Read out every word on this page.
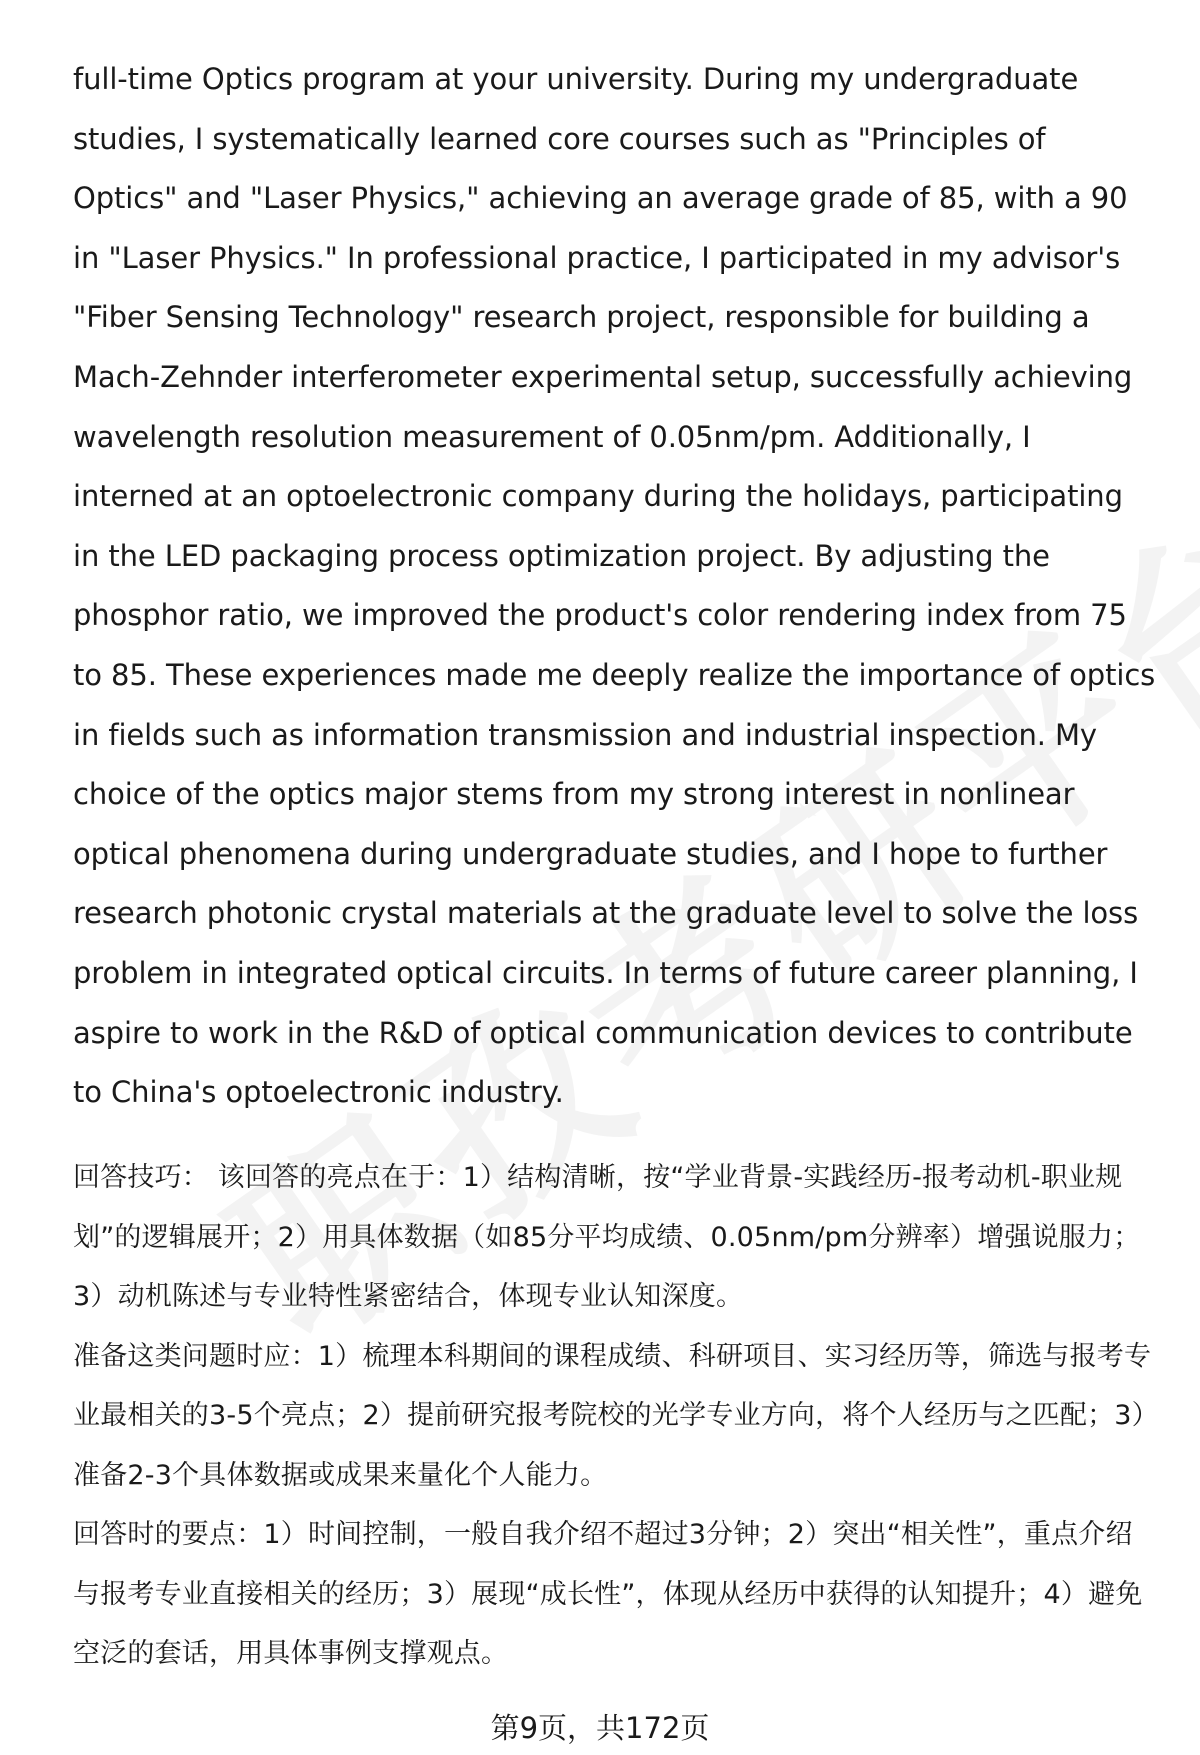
full-time Optics program at your university. During my undergraduate studies, I systematically learned core courses such as "Principles of Optics" and "Laser Physics," achieving an average grade of 85, with a 90 in "Laser Physics." In professional practice, I participated in my advisor's "Fiber Sensing Technology" research project, responsible for building a Mach-Zehnder interferometer experimental setup, successfully achieving wavelength resolution measurement of 0.05nm/pm. Additionally, I interned at an optoelectronic company during the holidays, participating in the LED packaging process optimization project. By adjusting the phosphor ratio, we improved the product's color rendering index from 75 to 85. These experiences made me deeply realize the importance of optics in fields such as information transmission and industrial inspection. My choice of the optics major stems from my strong interest in nonlinear optical phenomena during undergraduate studies, and I hope to further research photonic crystal materials at the graduate level to solve the loss problem in integrated optical circuits. In terms of future career planning, I aspire to work in the R&D of optical communication devices to contribute to China's optoelectronic industry.

回答技巧： 该回答的亮点在于：1）结构清晰，按“学业背景-实践经历-报考动机-职业规划”的逻辑展开；2）用具体数据（如85分平均成绩、0.05nm/pm分辨率）增强说服力；3）动机陈述与专业特性紧密结合，体现专业认知深度。

准备这类问题时应：1）梳理本科期间的课程成绩、科研项目、实习经历等，筛选与报考专业最相关的3-5个亮点；2）提前研究报考院校的光学专业方向，将个人经历与之匹配；3）准备2-3个具体数据或成果来量化个人能力。

回答时的要点：1）时间控制，一般自我介绍不超过3分钟；2）突出“相关性”，重点介绍与报考专业直接相关的经历；3）展现“成长性”，体现从经历中获得的认知提升；4）避免空泛的套话，用具体事例支撑观点。

第9页，共172页
